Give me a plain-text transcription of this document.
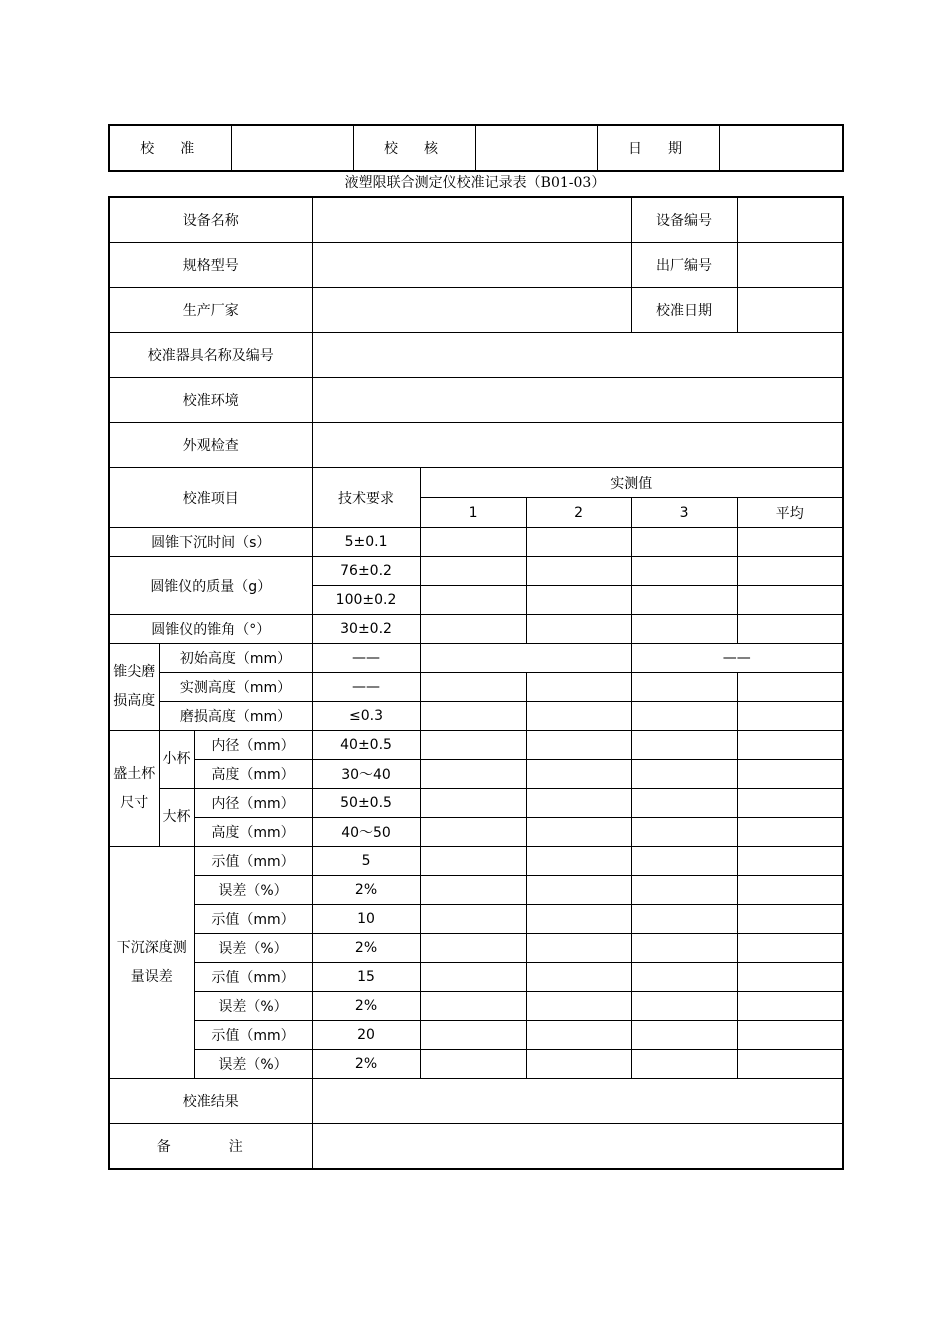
校　准		校　核		日　期	
液塑限联合测定仪校准记录表（B01-03）
设备名称						设备编号	
规格型号						出厂编号	
生产厂家						校准日期	
校准器具名称及编号							
校准环境							
外观检查							
校准项目			技术要求	实测值			
				1	2	3	平均
圆锥下沉时间（s）			5±0.1				
圆锥仪的质量（g）			76±0.2				
			100±0.2				
圆锥仪的锥角（°）			30±0.2				
锥尖磨损高度	初始高度（mm）		——			——	
	实测高度（mm）		——				
	磨损高度（mm）		≤0.3				
盛土杯尺寸	小杯	内径（mm）	40±0.5				
		高度（mm）	30～40				
	大杯	内径（mm）	50±0.5				
		高度（mm）	40～50				
下沉深度测量误差		示值（mm）	5				
		误差（%）	2%				
		示值（mm）	10				
		误差（%）	2%				
		示值（mm）	15				
		误差（%）	2%				
		示值（mm）	20				
		误差（%）	2%				
校准结果							
备　注							
